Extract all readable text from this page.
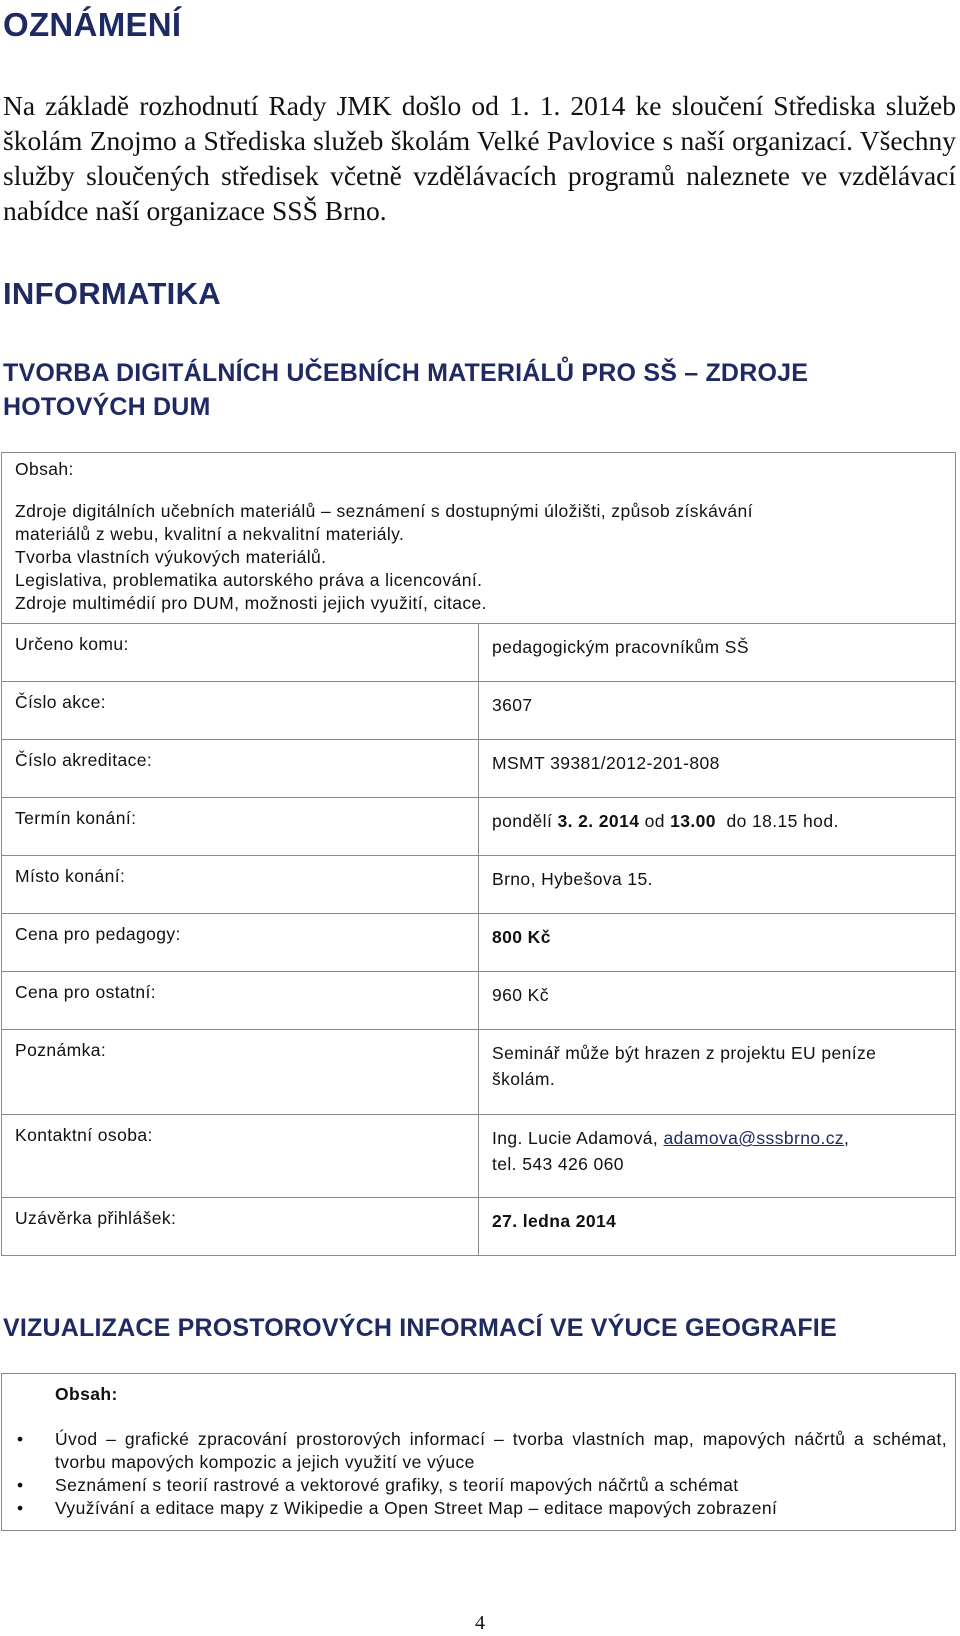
OZNÁMENÍ

Na základě rozhodnutí Rady JMK došlo od 1. 1. 2014 ke sloučení Střediska služeb školám Znojmo a Střediska služeb školám Velké Pavlovice s naší organizací. Všechny služby sloučených středisek včetně vzdělávacích programů naleznete ve vzdělávací nabídce naší organizace SSŠ Brno.

INFORMATIKA
TVORBA DIGITÁLNÍCH UČEBNÍCH MATERIÁLŮ PRO SŠ – ZDROJE HOTOVÝCH DUM
Obsah:
Zdroje digitálních učebních materiálů – seznámení s dostupnými úložišti, způsob získávání
materiálů z webu, kvalitní a nekvalitní materiály.
Tvorba vlastních výukových materiálů.
Legislativa, problematika autorského práva a licencování.
Zdroje multimédií pro DUM, možnosti jejich využití, citace.
Určeno komu:	pedagogickým pracovníkům SŠ
Číslo akce:	3607
Číslo akreditace:	MSMT 39381/2012-201-808
Termín konání:	pondělí 3. 2. 2014 od 13.00 do 18.15 hod.
Místo konání:	Brno, Hybešova 15.
Cena pro pedagogy:	800 Kč
Cena pro ostatní:	960 Kč
Poznámka:	Seminář může být hrazen z projektu EU peníze školám.
Kontaktní osoba:	Ing. Lucie Adamová, adamova@sssbrno.cz,
tel. 543 426 060
Uzávěrka přihlášek:	27. ledna 2014
VIZUALIZACE PROSTOROVÝCH INFORMACÍ VE VÝUCE GEOGRAFIE
Obsah:
• Úvod – grafické zpracování prostorových informací – tvorba vlastních map, mapových náčrtů a schémat, tvorbu mapových kompozic a jejich využití ve výuce
• Seznámení s teorií rastrové a vektorové grafiky, s teorií mapových náčrtů a schémat
• Využívání a editace mapy z Wikipedie a Open Street Map – editace mapových zobrazení
4
